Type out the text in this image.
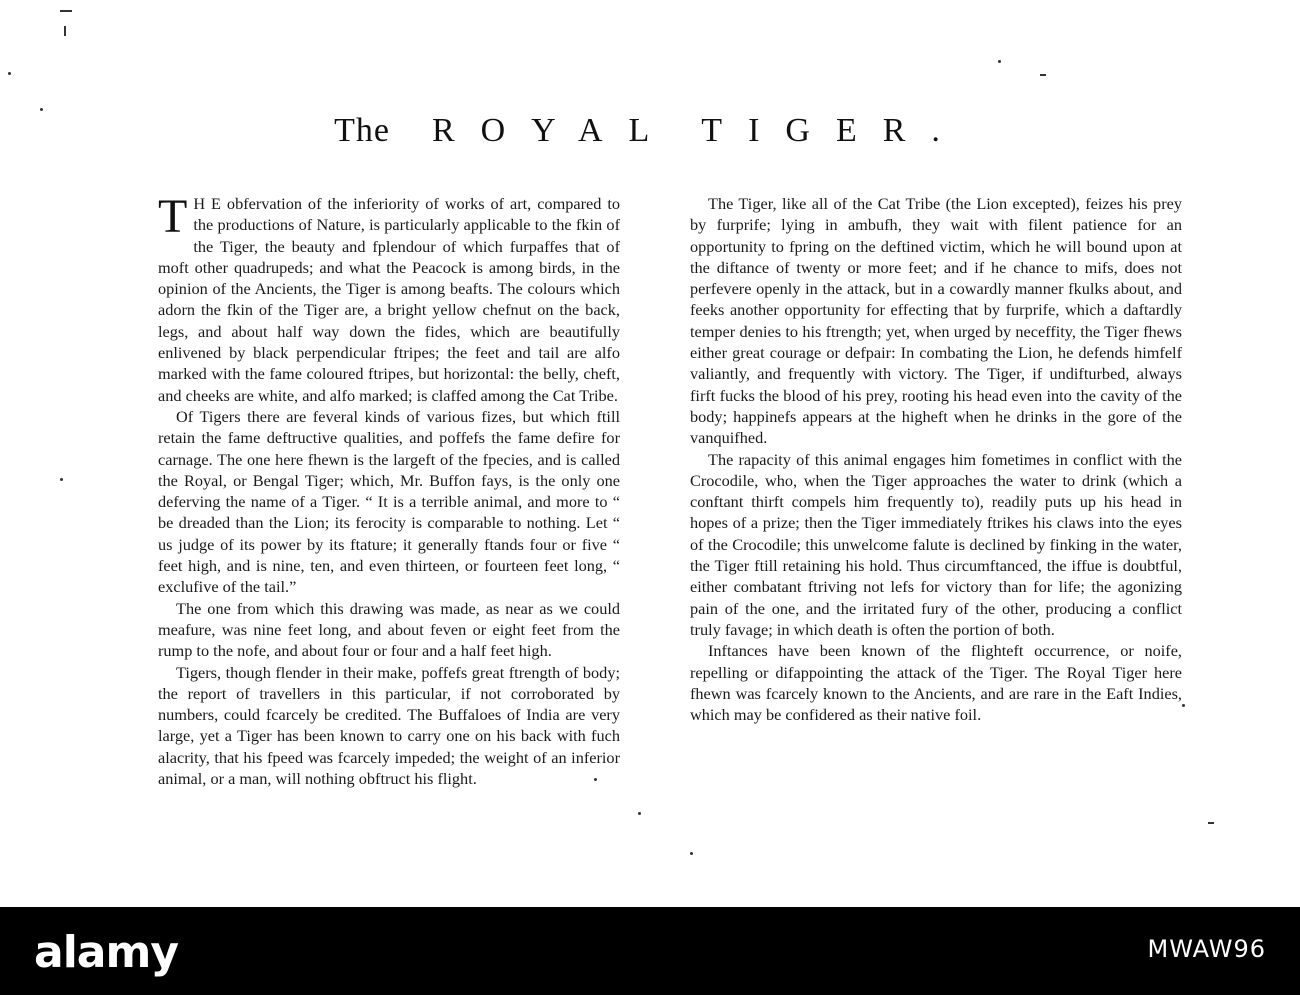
The ROYAL TIGER.

T H E obfervation of the inferiority of works of art, compared to the productions of Nature, is particularly applicable to the fkin of the Tiger, the beauty and fplendour of which furpaffes that of moft other quadrupeds; and what the Peacock is among birds, in the opinion of the Ancients, the Tiger is among beafts. The colours which adorn the fkin of the Tiger are, a bright yellow chefnut on the back, legs, and about half way down the fides, which are beautifully enlivened by black perpendicular ftripes; the feet and tail are alfo marked with the fame coloured ftripes, but horizontal: the belly, cheft, and cheeks are white, and alfo marked; is claffed among the Cat Tribe.

Of Tigers there are feveral kinds of various fizes, but which ftill retain the fame deftructive qualities, and poffefs the fame defire for carnage. The one here fhewn is the largeft of the fpecies, and is called the Royal, or Bengal Tiger; which, Mr. Buffon fays, is the only one deferving the name of a Tiger. “ It is a terrible animal, and more to “ be dreaded than the Lion; its ferocity is comparable to nothing. Let “ us judge of its power by its ftature; it generally ftands four or five “ feet high, and is nine, ten, and even thirteen, or fourteen feet long, “ exclufive of the tail.”

The one from which this drawing was made, as near as we could meafure, was nine feet long, and about feven or eight feet from the rump to the nofe, and about four or four and a half feet high.

Tigers, though flender in their make, poffefs great ftrength of body; the report of travellers in this particular, if not corroborated by numbers, could fcarcely be credited. The Buffaloes of India are very large, yet a Tiger has been known to carry one on his back with fuch alacrity, that his fpeed was fcarcely impeded; the weight of an inferior animal, or a man, will nothing obftruct his flight.

The Tiger, like all of the Cat Tribe (the Lion excepted), feizes his prey by furprife; lying in ambufh, they wait with filent patience for an opportunity to fpring on the deftined victim, which he will bound upon at the diftance of twenty or more feet; and if he chance to mifs, does not perfevere openly in the attack, but in a cowardly manner fkulks about, and feeks another opportunity for effecting that by furprife, which a daftardly temper denies to his ftrength; yet, when urged by neceffity, the Tiger fhews either great courage or defpair: In combating the Lion, he defends himfelf valiantly, and frequently with victory. The Tiger, if undifturbed, always firft fucks the blood of his prey, rooting his head even into the cavity of the body; happinefs appears at the higheft when he drinks in the gore of the vanquifhed.

The rapacity of this animal engages him fometimes in conflict with the Crocodile, who, when the Tiger approaches the water to drink (which a conftant thirft compels him frequently to), readily puts up his head in hopes of a prize; then the Tiger immediately ftrikes his claws into the eyes of the Crocodile; this unwelcome falute is declined by finking in the water, the Tiger ftill retaining his hold. Thus circumftanced, the iffue is doubtful, either combatant ftriving not lefs for victory than for life; the agonizing pain of the one, and the irritated fury of the other, producing a conflict truly favage; in which death is often the portion of both.

Inftances have been known of the flighteft occurrence, or noife, repelling or difappointing the attack of the Tiger. The Royal Tiger here fhewn was fcarcely known to the Ancients, and are rare in the Eaft Indies, which may be confidered as their native foil.

alamy	MWAW96
